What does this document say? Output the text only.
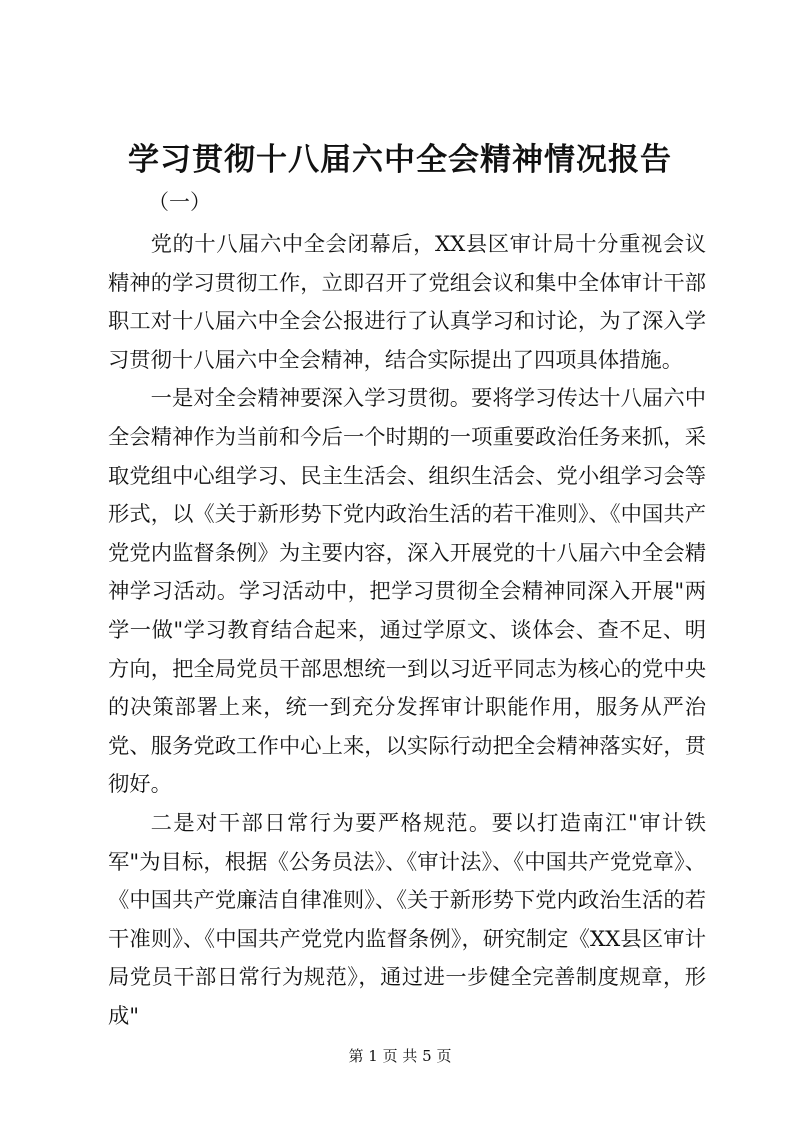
学习贯彻十八届六中全会精神情况报告
（一）

党的十八届六中全会闭幕后，XX县区审计局十分重视会议精神的学习贯彻工作，立即召开了党组会议和集中全体审计干部职工对十八届六中全会公报进行了认真学习和讨论，为了深入学习贯彻十八届六中全会精神，结合实际提出了四项具体措施。

一是对全会精神要深入学习贯彻。要将学习传达十八届六中全会精神作为当前和今后一个时期的一项重要政治任务来抓，采取党组中心组学习、民主生活会、组织生活会、党小组学习会等形式，以《关于新形势下党内政治生活的若干准则》、《中国共产党党内监督条例》为主要内容，深入开展党的十八届六中全会精神学习活动。学习活动中，把学习贯彻全会精神同深入开展"两学一做"学习教育结合起来，通过学原文、谈体会、查不足、明方向，把全局党员干部思想统一到以习近平同志为核心的党中央的决策部署上来，统一到充分发挥审计职能作用，服务从严治党、服务党政工作中心上来，以实际行动把全会精神落实好，贯彻好。

二是对干部日常行为要严格规范。要以打造南江"审计铁军"为目标，根据《公务员法》、《审计法》、《中国共产党党章》、《中国共产党廉洁自律准则》、《关于新形势下党内政治生活的若干准则》、《中国共产党党内监督条例》，研究制定《XX县区审计局党员干部日常行为规范》，通过进一步健全完善制度规章，形成"

第 1 页 共 5 页
